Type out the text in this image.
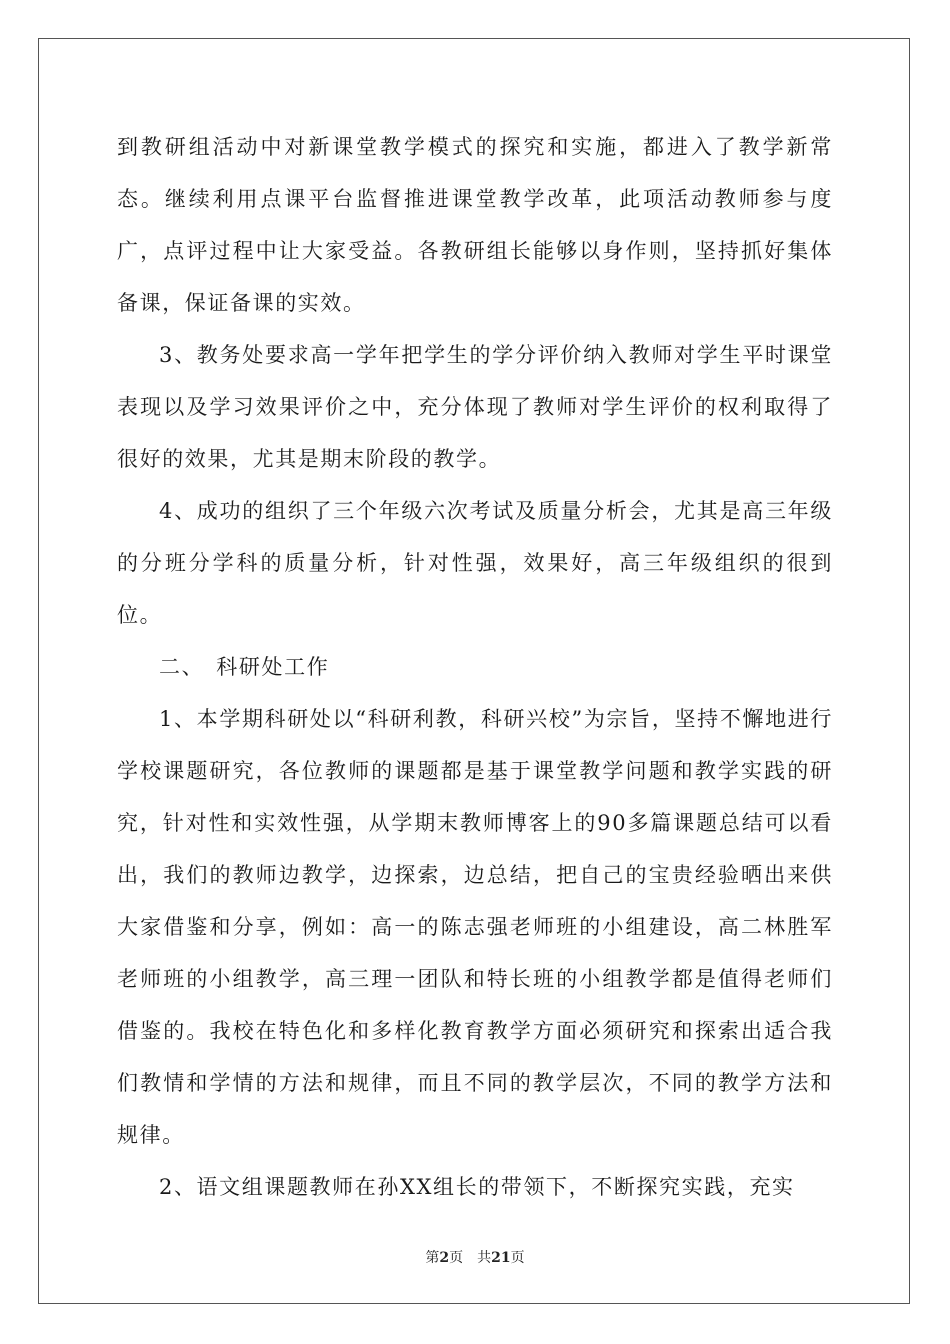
到教研组活动中对新课堂教学模式的探究和实施，都进入了教学新常态。继续利用点课平台监督推进课堂教学改革，此项活动教师参与度广，点评过程中让大家受益。各教研组长能够以身作则，坚持抓好集体备课，保证备课的实效。

3、教务处要求高一学年把学生的学分评价纳入教师对学生平时课堂表现以及学习效果评价之中，充分体现了教师对学生评价的权利取得了很好的效果，尤其是期末阶段的教学。

4、成功的组织了三个年级六次考试及质量分析会，尤其是高三年级的分班分学科的质量分析，针对性强，效果好，高三年级组织的很到位。

二、　科研处工作

1、本学期科研处以“科研利教，科研兴校”为宗旨，坚持不懈地进行学校课题研究，各位教师的课题都是基于课堂教学问题和教学实践的研究，针对性和实效性强，从学期末教师博客上的90多篇课题总结可以看出，我们的教师边教学，边探索，边总结，把自己的宝贵经验晒出来供大家借鉴和分享，例如：高一的陈志强老师班的小组建设，高二林胜军老师班的小组教学，高三理一团队和特长班的小组教学都是值得老师们借鉴的。我校在特色化和多样化教育教学方面必须研究和探索出适合我们教情和学情的方法和规律，而且不同的教学层次，不同的教学方法和规律。

2、语文组课题教师在孙XX组长的带领下，不断探究实践，充实

第2页 共21页
